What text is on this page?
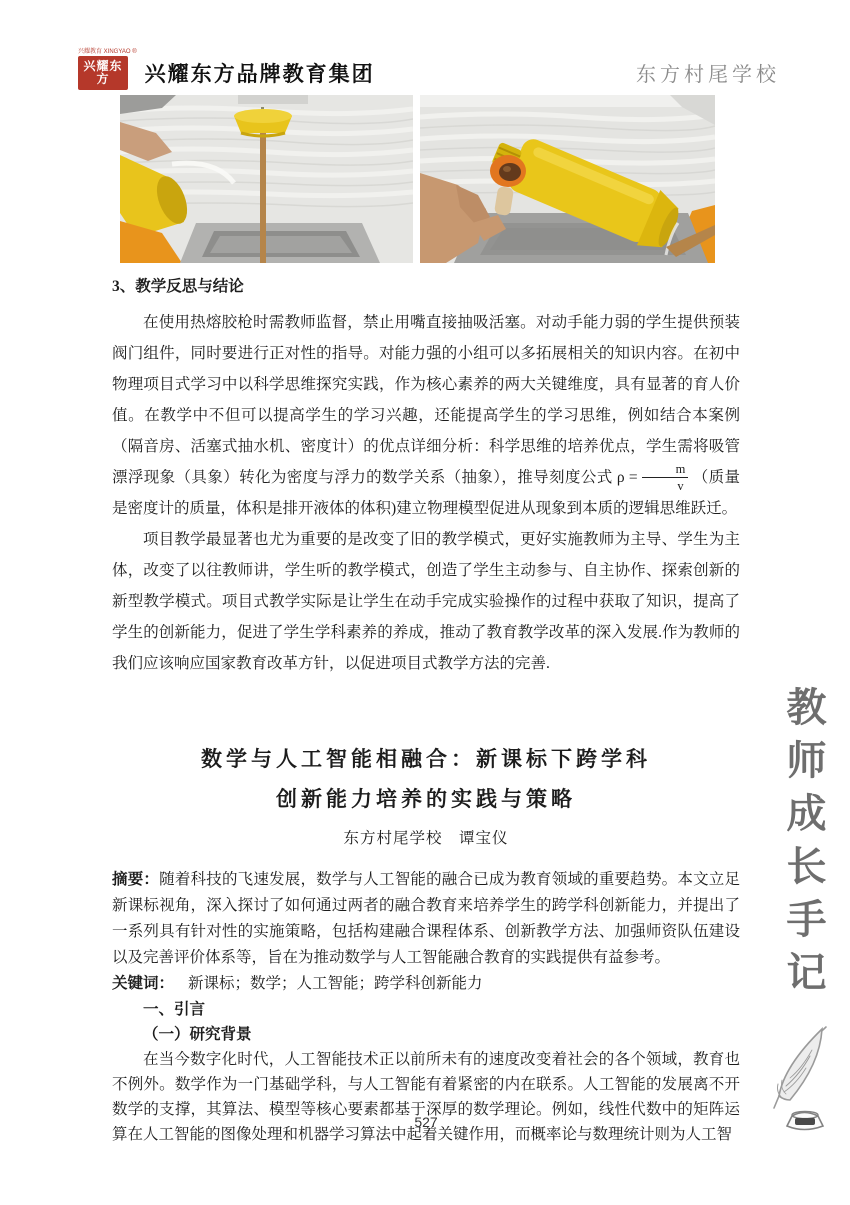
兴耀教育 XINGYAO ®
兴耀东方	兴耀东方品牌教育集团	东方村尾学校
3、教学反思与结论

在使用热熔胶枪时需教师监督，禁止用嘴直接抽吸活塞。对动手能力弱的学生提供预装阀门组件，同时要进行正对性的指导。对能力强的小组可以多拓展相关的知识内容。在初中物理项目式学习中以科学思维探究实践，作为核心素养的两大关键维度，具有显著的育人价值。在教学中不但可以提高学生的学习兴趣，还能提高学生的学习思维，例如结合本案例（隔音房、活塞式抽水机、密度计）的优点详细分析：科学思维的培养优点，学生需将吸管漂浮现象（具象）转化为密度与浮力的数学关系（抽象），推导刻度公式 $\rho = \frac{m}{v}$ （质量是密度计的质量，体积是排开液体的体积)建立物理模型促进从现象到本质的逻辑思维跃迁。

项目教学最显著也尤为重要的是改变了旧的教学模式，更好实施教师为主导、学生为主体，改变了以往教师讲，学生听的教学模式，创造了学生主动参与、自主协作、探索创新的新型教学模式。项目式教学实际是让学生在动手完成实验操作的过程中获取了知识，提高了学生的创新能力，促进了学生学科素养的养成，推动了教育教学改革的深入发展.作为教师的我们应该响应国家教育改革方针，以促进项目式教学方法的完善.

数学与人工智能相融合：新课标下跨学科
创新能力培养的实践与策略
东方村尾学校　谭宝仪

摘要：随着科技的飞速发展，数学与人工智能的融合已成为教育领域的重要趋势。本文立足新课标视角，深入探讨了如何通过两者的融合教育来培养学生的跨学科创新能力，并提出了一系列具有针对性的实施策略，包括构建融合课程体系、创新教学方法、加强师资队伍建设以及完善评价体系等，旨在为推动数学与人工智能融合教育的实践提供有益参考。

关键词： 新课标；数学；人工智能；跨学科创新能力

一、引言
（一）研究背景

在当今数字化时代，人工智能技术正以前所未有的速度改变着社会的各个领域，教育也不例外。数学作为一门基础学科，与人工智能有着紧密的内在联系。人工智能的发展离不开数学的支撑，其算法、模型等核心要素都基于深厚的数学理论。例如，线性代数中的矩阵运算在人工智能的图像处理和机器学习算法中起着关键作用，而概率论与数理统计则为人工智

527
教师成长手记
